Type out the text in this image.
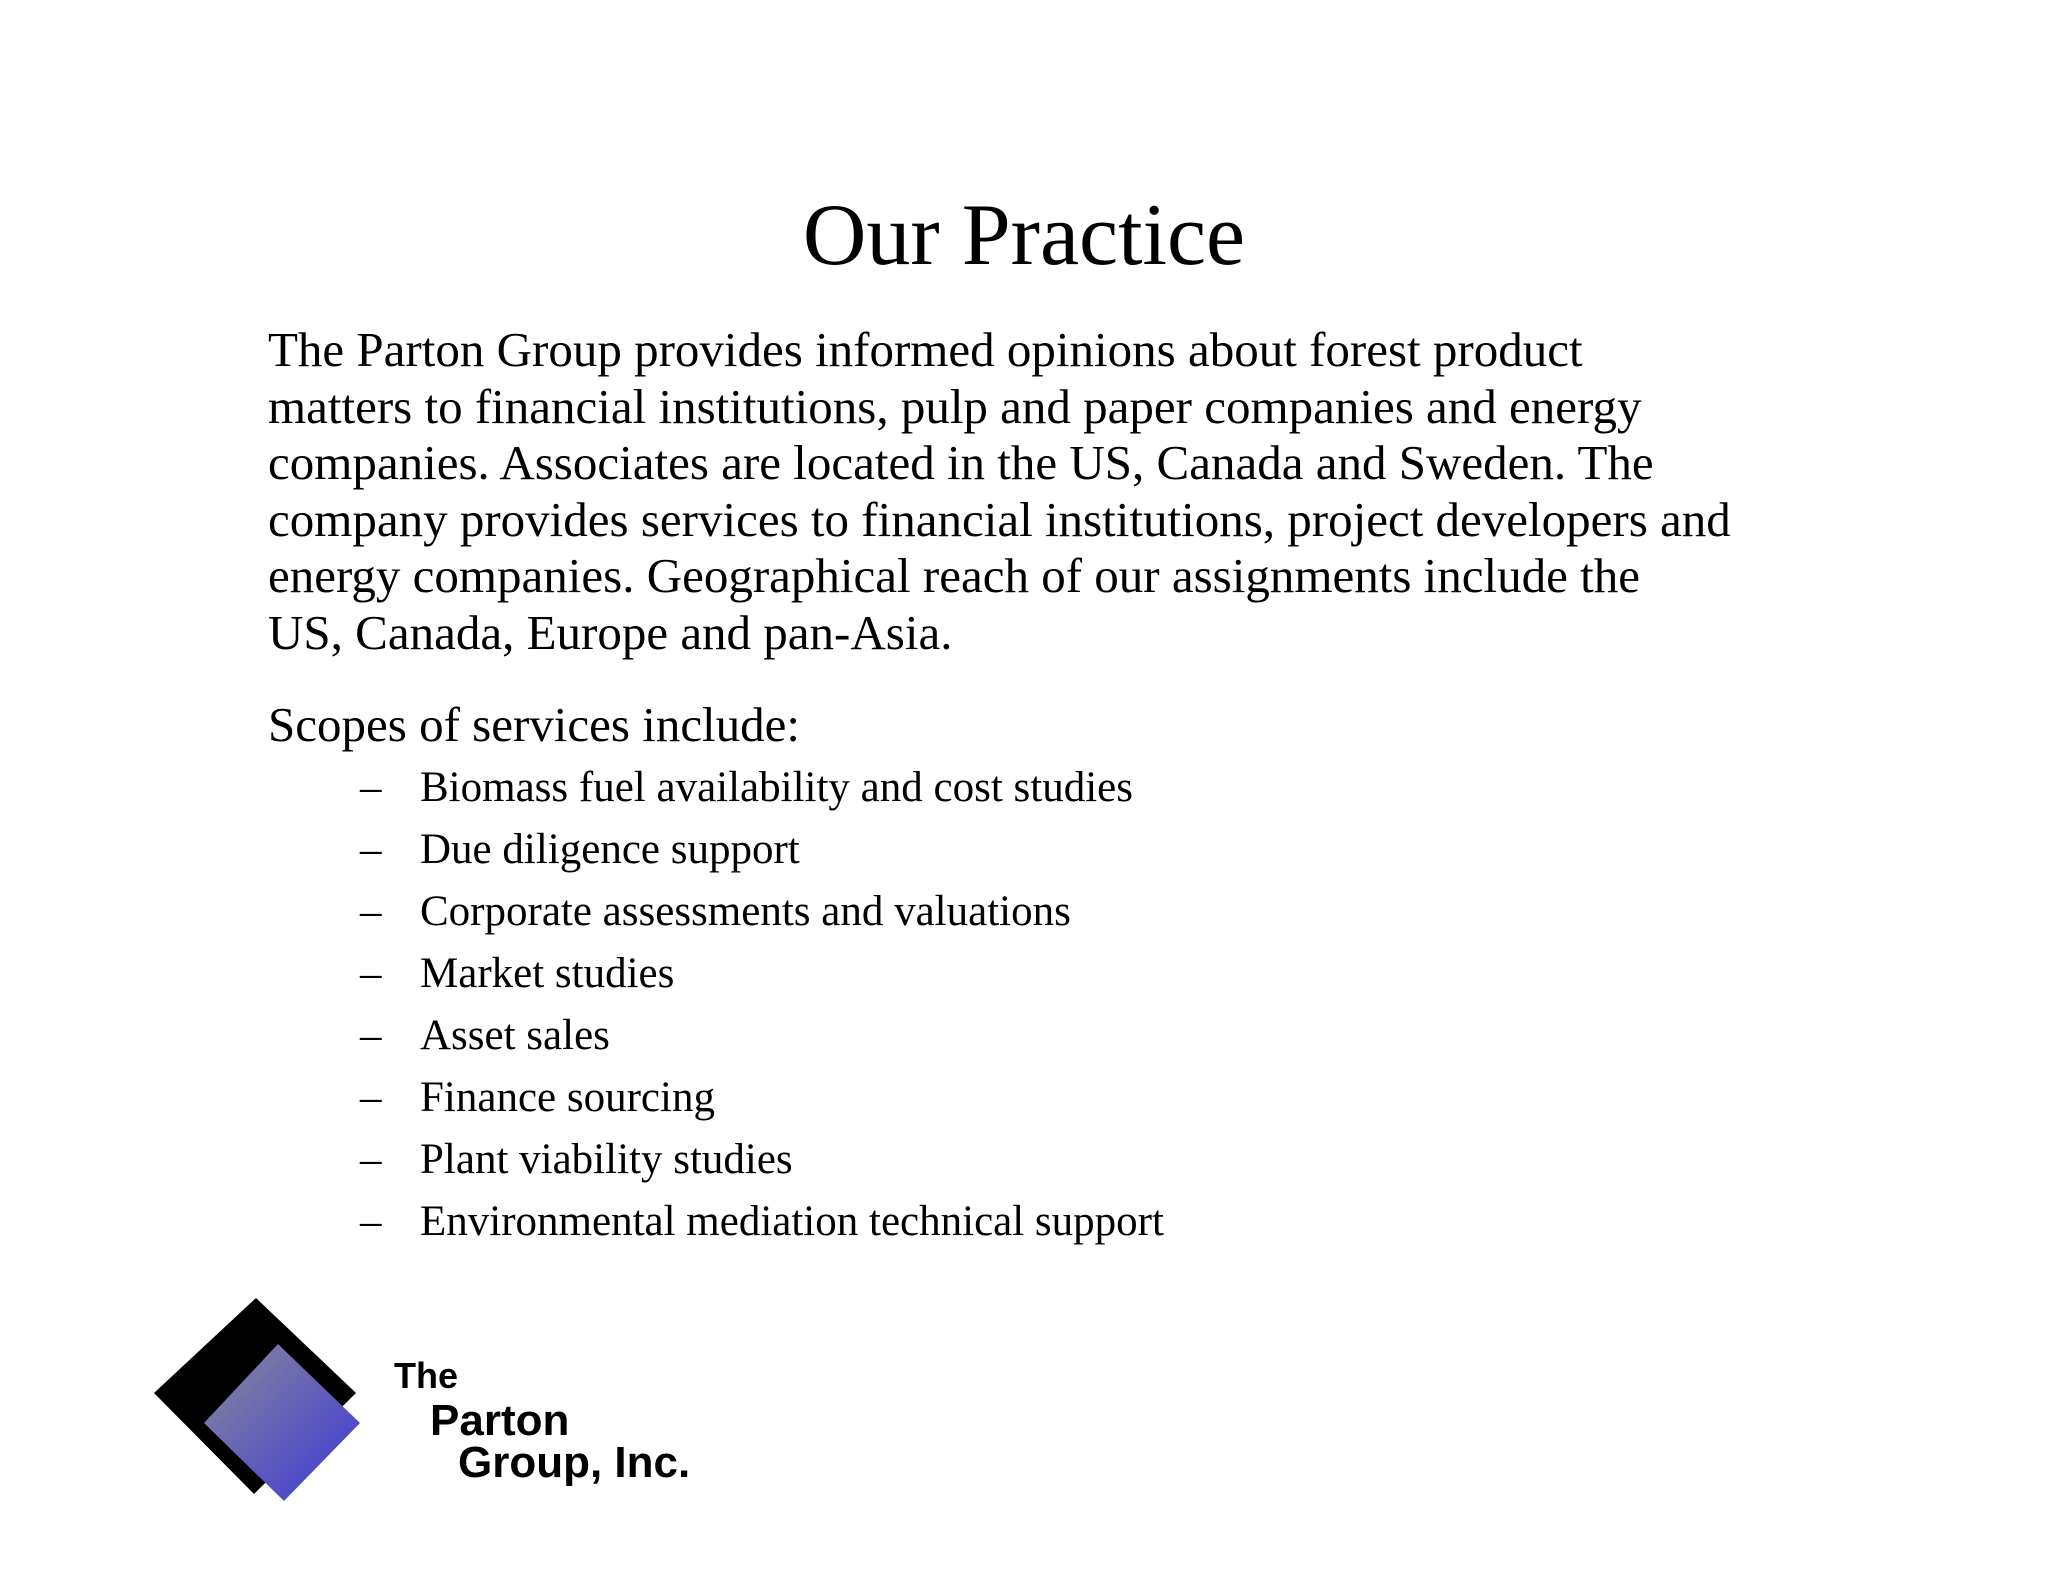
Our Practice

The Parton Group provides informed opinions about forest product
matters to financial institutions, pulp and paper companies and energy
companies. Associates are located in the US, Canada and Sweden. The
company provides services to financial institutions, project developers and
energy companies. Geographical reach of our assignments include the
US, Canada, Europe and pan-Asia.

Scopes of services include:

– Biomass fuel availability and cost studies
– Due diligence support
– Corporate assessments and valuations
– Market studies
– Asset sales
– Finance sourcing
– Plant viability studies
– Environmental mediation technical support
The
Parton
Group, Inc.
